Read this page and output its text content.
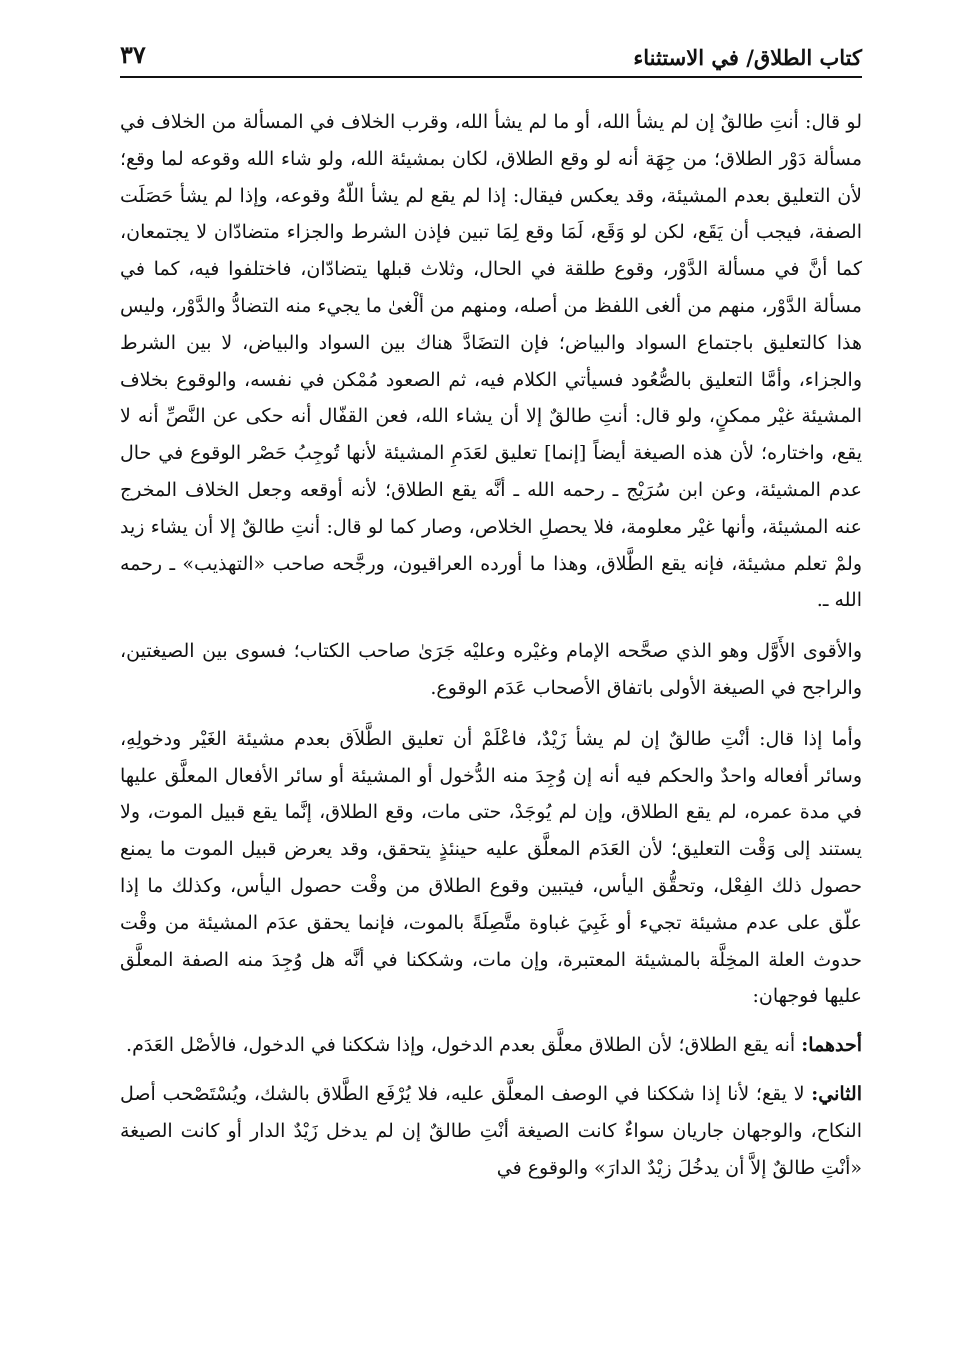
كتاب الطلاق/ في الاستثناء
٣٧

لو قال: أنتِ طالقٌ إن لم يشأ الله، أو ما لم يشأ الله، وقرب الخلاف في المسألة من الخلاف في مسألة دَوْر الطلاق؛ من جِهَة أنه لو وقع الطلاق، لكان بمشيئة الله، ولو شاء الله وقوعه لما وقع؛ لأن التعليق بعدم المشيئة، وقد يعكس فيقال: إذا لم يقع لم يشأ اللّهُ وقوعه، وإذا لم يشأ حَصَلَت الصفة، فيجب أن يَقَع، لكن لو وَقَع، لَمَا وقع لِمَا تبين فإذن الشرط والجزاء متضادّان لا يجتمعان، كما أنَّ في مسألة الدَّوْر، وقوع طلقة في الحال، وثلاث قبلها يتضادّان، فاختلفوا فيه، كما في مسألة الدَّوْر، منهم من ألغى اللفظ من أصله، ومنهم من ألْغىٰ ما يجيء منه التضادُّ والدَّوْر، وليس هذا كالتعليق باجتماع السواد والبياض؛ فإن التضَادَّ هناك بين السواد والبياض، لا بين الشرط والجزاء، وأمَّا التعليق بالصُّعُود فسيأتي الكلام فيه، ثم الصعود مُمْكن في نفسه، والوقوع بخلاف المشيئة غيْر ممكنٍ، ولو قال: أنتِ طالقٌ إلا أن يشاء الله، فعن القفّال أنه حكى عن النَّصِّ أنه لا يقع، واختاره؛ لأن هذه الصيغة أيضاً [إنما] تعليق لعَدَمِ المشيئة لأنها تُوجِبُ حَصْر الوقوع في حال عدم المشيئة، وعن ابن سُرَيْج ـ رحمه الله ـ أنَّه يقع الطلاق؛ لأنه أوقعه وجعل الخلاف المخرج عنه المشيئة، وأنها غيْر معلومة، فلا يحصلِ الخلاص، وصار كما لو قال: أنتِ طالقٌ إلا أن يشاء زيد ولمْ تعلم مشيئة، فإنه يقع الطَّلاق، وهذا ما أورده العراقيون، ورجَّحه صاحب «التهذيب» ـ رحمه الله ـ.

والأقوى الأَوَّل وهو الذي صحَّحه الإمام وغيْره وعليْه جَرَىٰ صاحب الكتاب؛ فسوى بين الصيغتين، والراجح في الصيغة الأولى باتفاق الأصحاب عَدَم الوقوع.

وأما إذا قال: أنْتِ طالقٌ إن لم يشأ زَيْدٌ، فاعْلَمْ أن تعليق الطَّلاَق بعدم مشيئة الغَيْر ودخولِهِ، وسائر أفعاله واحدٌ والحكم فيه أنه إن وُجِدَ منه الدُّخول أو المشيئة أو سائر الأفعال المعلَّق عليها في مدة عمره، لم يقع الطلاق، وإن لم يُوجَدْ، حتى مات، وقع الطلاق، إنَّما يقع قبيل الموت، ولا يستند إلى وَقْت التعليق؛ لأن العَدَم المعلَّق عليه حينئذٍ يتحقق، وقد يعرض قبيل الموت ما يمنع حصول ذلك الفِعْل، وتحقُّق اليأس، فيتبين وقوع الطلاق من وقْت حصول اليأس، وكذلك ما إذا علّق على عدم مشيئة تجيء أو غَبِيَ غباوة متَّصِلَةً بالموت، فإنما يحقق عدَم المشيئة من وقْت حدوث العلة المخِلَّة بالمشيئة المعتبرة، وإن مات، وشككنا في أنَّه هل وُجِدَ منه الصفة المعلَّق عليها فوجهان:

أحدهما: أنه يقع الطلاق؛ لأن الطلاق معلَّق بعدم الدخول، وإذا شككنا في الدخول، فالأصْل العَدَم.

الثاني: لا يقع؛ لأنا إذا شككنا في الوصف المعلَّق عليه، فلا يُرْفَع الطَّلاق بالشك، ويُسْتَصْحب أصل النكاح، والوجهان جاريان سواءٌ كانت الصيغة أنْتِ طالقٌ إن لم يدخل زَيْدٌ الدار أو كانت الصيغة «أنْتِ طالقٌ إلاَّ أن يدخُلَ زيْدٌ الدارَ» والوقوع في
